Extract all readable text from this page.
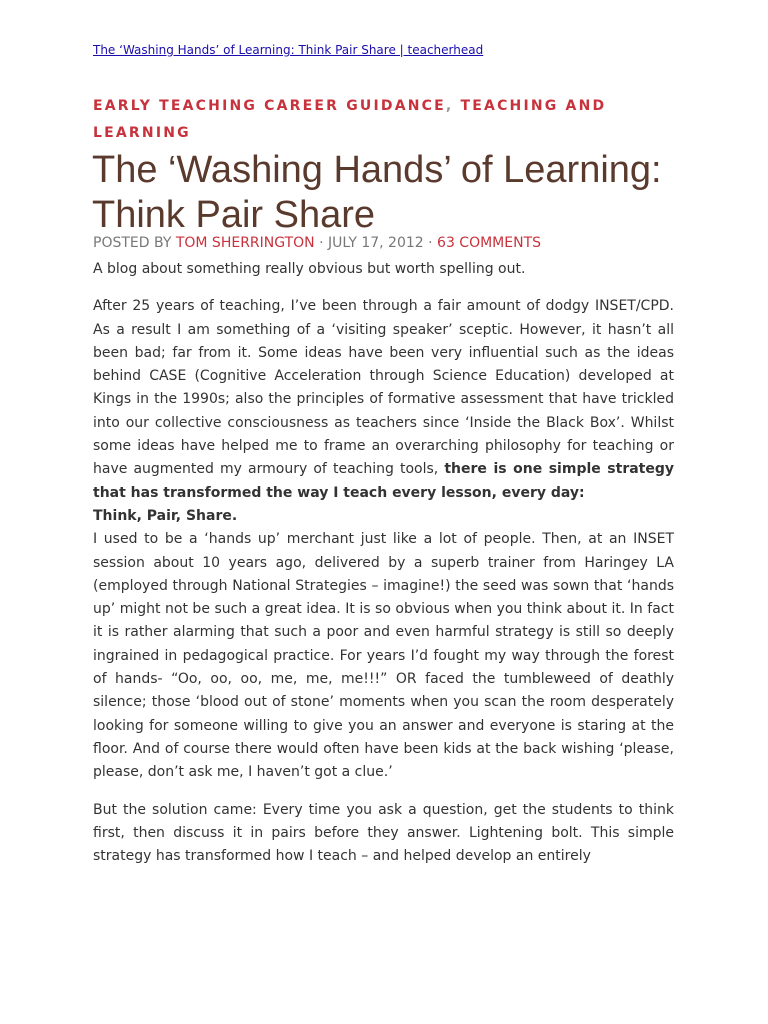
The ‘Washing Hands’ of Learning: Think Pair Share | teacherhead
EARLY TEACHING CAREER GUIDANCE, TEACHING AND LEARNING
The ‘Washing Hands’ of Learning: Think Pair Share
POSTED BY TOM SHERRINGTON · JULY 17, 2012 · 63 COMMENTS

A blog about something really obvious but worth spelling out.

After 25 years of teaching, I’ve been through a fair amount of dodgy INSET/CPD. As a result I am something of a ‘visiting speaker’ sceptic. However, it hasn’t all been bad; far from it. Some ideas have been very influential such as the ideas behind CASE (Cognitive Acceleration through Science Education) developed at Kings in the 1990s; also the principles of formative assessment that have trickled into our collective consciousness as teachers since ‘Inside the Black Box’. Whilst some ideas have helped me to frame an overarching philosophy for teaching or have augmented my armoury of teaching tools, there is one simple strategy that has transformed the way I teach every lesson, every day:

Think, Pair, Share.

I used to be a ‘hands up’ merchant just like a lot of people. Then, at an INSET session about 10 years ago, delivered by a superb trainer from Haringey LA (employed through National Strategies – imagine!) the seed was sown that ‘hands up’ might not be such a great idea. It is so obvious when you think about it. In fact it is rather alarming that such a poor and even harmful strategy is still so deeply ingrained in pedagogical practice. For years I’d fought my way through the forest of hands- “Oo, oo, oo, me, me, me!!!” OR faced the tumbleweed of deathly silence; those ‘blood out of stone’ moments when you scan the room desperately looking for someone willing to give you an answer and everyone is staring at the floor. And of course there would often have been kids at the back wishing ‘please, please, don’t ask me, I haven’t got a clue.’

But the solution came: Every time you ask a question, get the students to think first, then discuss it in pairs before they answer. Lightening bolt. This simple strategy has transformed how I teach – and helped develop an entirely
